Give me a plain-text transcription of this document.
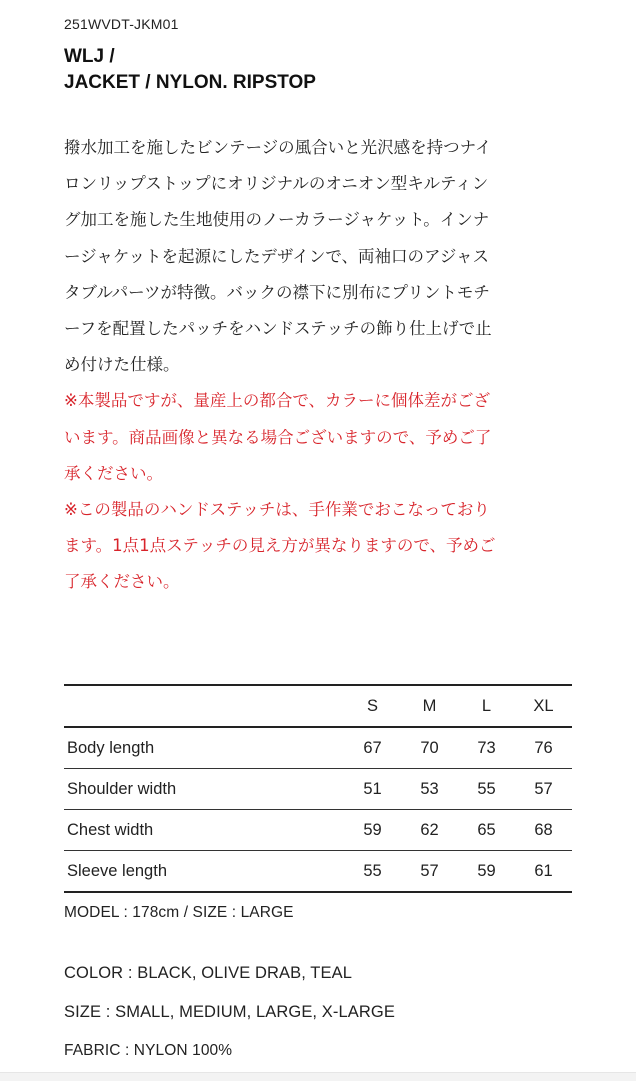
251WVDT-JKM01
WLJ /
JACKET / NYLON. RIPSTOP
撥水加工を施したビンテージの風合いと光沢感を持つナイ
ロンリップストップにオリジナルのオニオン型キルティン
グ加工を施した生地使用のノーカラージャケット。インナ
ージャケットを起源にしたデザインで、両袖口のアジャス
タブルパーツが特徴。バックの襟下に別布にプリントモチ
ーフを配置したパッチをハンドステッチの飾り仕上げで止
め付けた仕様。
※本製品ですが、量産上の都合で、カラーに個体差がござ
います。商品画像と異なる場合ございますので、予めご了
承ください。
※この製品のハンドステッチは、手作業でおこなっており
ます。1点1点ステッチの見え方が異なりますので、予めご
了承ください。
	S	M	L	XL
Body length	67	70	73	76
Shoulder width	51	53	55	57
Chest width	59	62	65	68
Sleeve length	55	57	59	61
MODEL : 178cm / SIZE : LARGE
COLOR : BLACK, OLIVE DRAB, TEAL
SIZE : SMALL, MEDIUM, LARGE, X-LARGE
FABRIC : NYLON 100%
